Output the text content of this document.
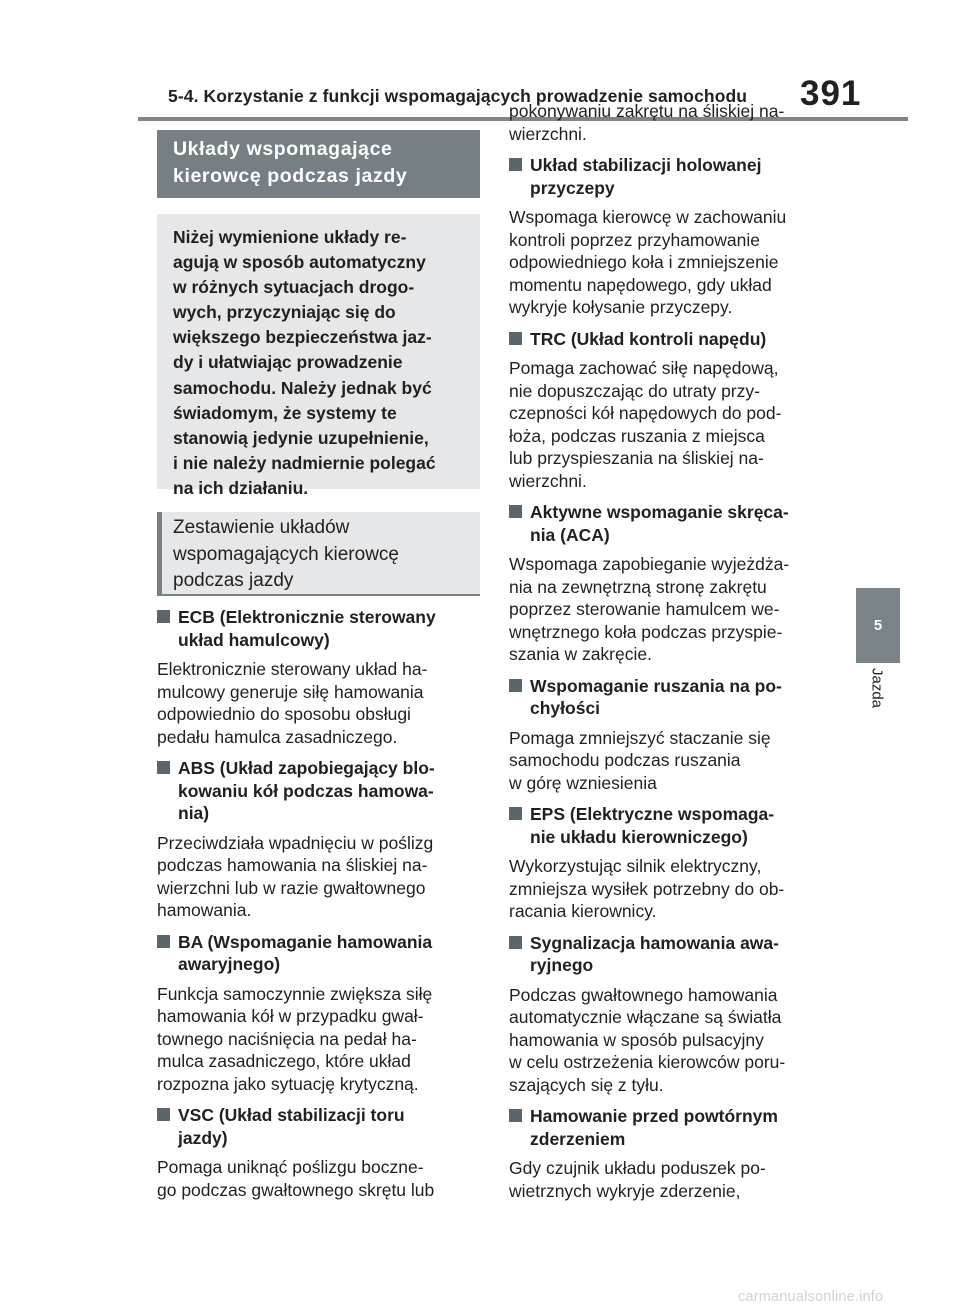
5-4. Korzystanie z funkcji wspomagających prowadzenie samochodu 391
5
Jazda
Układy wspomagające
kierowcę podczas jazdy
Niżej wymienione układy re-
agują w sposób automatyczny
w różnych sytuacjach drogo-
wych, przyczyniając się do
większego bezpieczeństwa jaz-
dy i ułatwiając prowadzenie
samochodu. Należy jednak być
świadomym, że systemy te
stanowią jedynie uzupełnienie,
i nie należy nadmiernie polegać
na ich działaniu.
Zestawienie układów
wspomagających kierowcę
podczas jazdy
ECB (Elektronicznie sterowany
układ hamulcowy)
Elektronicznie sterowany układ ha-
mulcowy generuje siłę hamowania
odpowiednio do sposobu obsługi
pedału hamulca zasadniczego.
ABS (Układ zapobiegający blo-
kowaniu kół podczas hamowa-
nia)
Przeciwdziała wpadnięciu w poślizg
podczas hamowania na śliskiej na-
wierzchni lub w razie gwałtownego
hamowania.
BA (Wspomaganie hamowania
awaryjnego)
Funkcja samoczynnie zwiększa siłę
hamowania kół w przypadku gwał-
townego naciśnięcia na pedał ha-
mulca zasadniczego, które układ
rozpozna jako sytuację krytyczną.
VSC (Układ stabilizacji toru
jazdy)
Pomaga uniknąć poślizgu boczne-
go podczas gwałtownego skrętu lub
pokonywaniu zakrętu na śliskiej na-
wierzchni.
Układ stabilizacji holowanej
przyczepy
Wspomaga kierowcę w zachowaniu
kontroli poprzez przyhamowanie
odpowiedniego koła i zmniejszenie
momentu napędowego, gdy układ
wykryje kołysanie przyczepy.
TRC (Układ kontroli napędu)
Pomaga zachować siłę napędową,
nie dopuszczając do utraty przy-
czepności kół napędowych do pod-
łoża, podczas ruszania z miejsca
lub przyspieszania na śliskiej na-
wierzchni.
Aktywne wspomaganie skręca-
nia (ACA)
Wspomaga zapobieganie wyjeżdża-
nia na zewnętrzną stronę zakrętu
poprzez sterowanie hamulcem we-
wnętrznego koła podczas przyspie-
szania w zakręcie.
Wspomaganie ruszania na po-
chyłości
Pomaga zmniejszyć staczanie się
samochodu podczas ruszania
w górę wzniesienia
EPS (Elektryczne wspomaga-
nie układu kierowniczego)
Wykorzystując silnik elektryczny,
zmniejsza wysiłek potrzebny do ob-
racania kierownicy.
Sygnalizacja hamowania awa-
ryjnego
Podczas gwałtownego hamowania
automatycznie włączane są światła
hamowania w sposób pulsacyjny
w celu ostrzeżenia kierowców poru-
szających się z tyłu.
Hamowanie przed powtórnym
zderzeniem
Gdy czujnik układu poduszek po-
wietrznych wykryje zderzenie,
carmanualsonline.info
